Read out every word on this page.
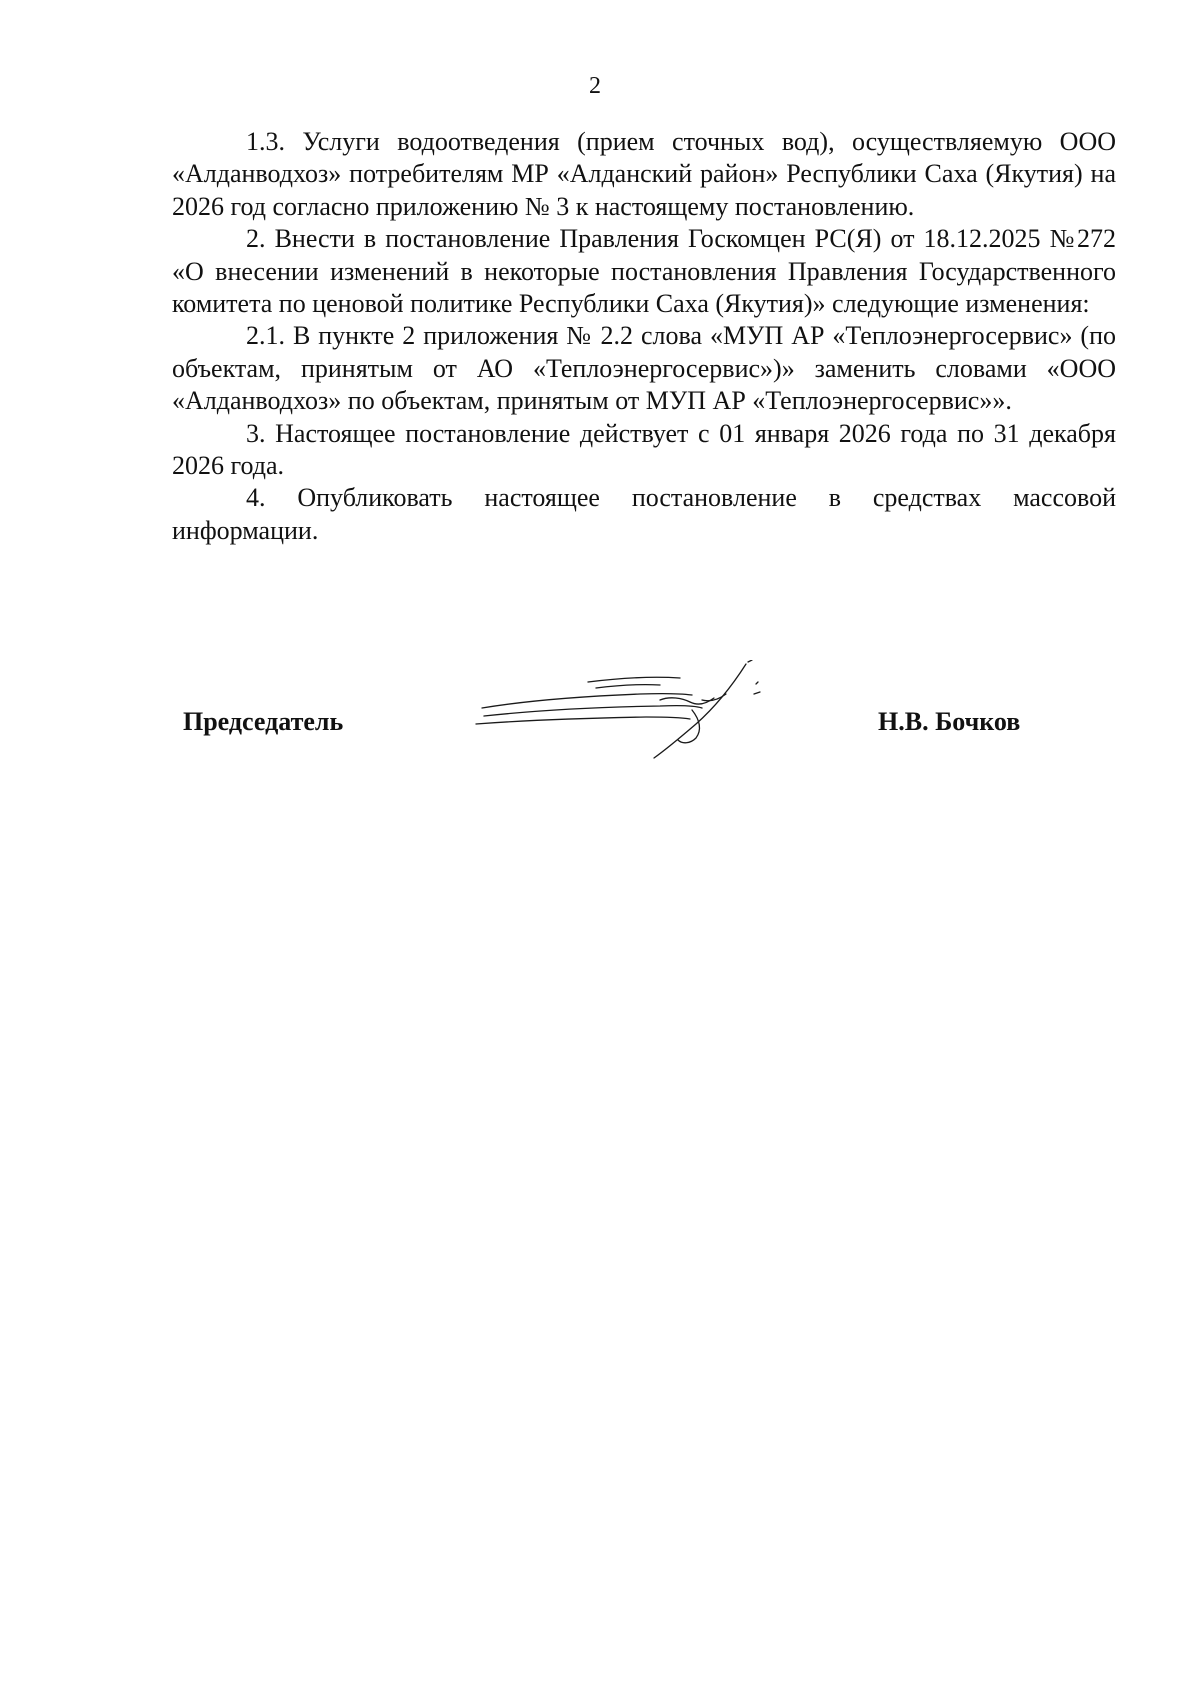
2

1.3. Услуги водоотведения (прием сточных вод), осуществляемую ООО «Алданводхоз» потребителям МР «Алданский район» Республики Саха (Якутия) на 2026 год согласно приложению № 3 к настоящему постановлению.

2. Внести в постановление Правления Госкомцен РС(Я) от 18.12.2025 №272 «О внесении изменений в некоторые постановления Правления Государственного комитета по ценовой политике Республики Саха (Якутия)» следующие изменения:

2.1. В пункте 2 приложения № 2.2 слова «МУП АР «Теплоэнергосервис» (по объектам, принятым от АО «Теплоэнергосервис»)» заменить словами «ООО «Алданводхоз» по объектам, принятым от МУП АР «Теплоэнергосервис»».

3. Настоящее постановление действует с 01 января 2026 года по 31 декабря 2026 года.

4. Опубликовать настоящее постановление в средствах массовой информации.

Председатель	Н.В. Бочков
